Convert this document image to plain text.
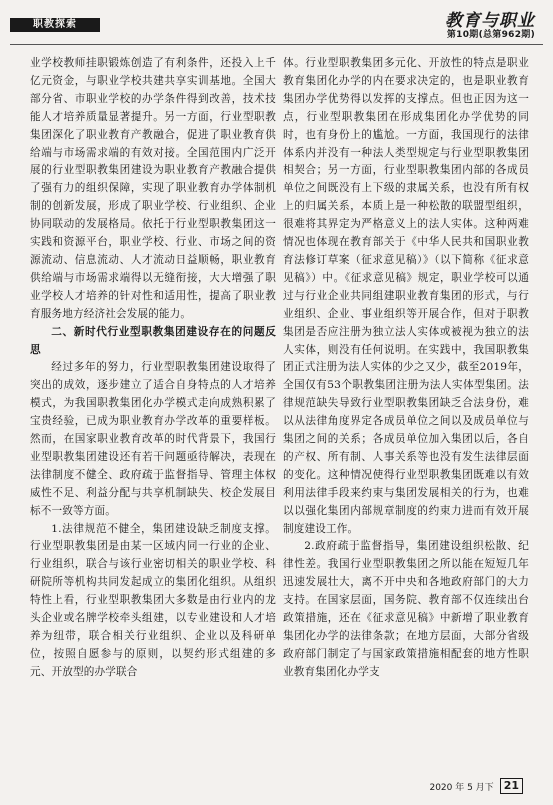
职教探索	教育与职业
第10期(总第962期)

业学校教师挂职锻炼创造了有利条件，还投入上千亿元资金，与职业学校共建共享实训基地。全国大部分省、市职业学校的办学条件得到改善，技术技能人才培养质量显著提升。另一方面，行业型职教集团深化了职业教育产教融合，促进了职业教育供给端与市场需求端的有效对接。全国范围内广泛开展的行业型职教集团建设为职业教育产教融合提供了强有力的组织保障，实现了职业教育办学体制机制的创新发展，形成了职业学校、行业组织、企业协同联动的发展格局。依托于行业型职教集团这一实践和资源平台，职业学校、行业、市场之间的资源流动、信息流动、人才流动日益顺畅，职业教育供给端与市场需求端得以无缝衔接，大大增强了职业学校人才培养的针对性和适用性，提高了职业教育服务地方经济社会发展的能力。

二、新时代行业型职教集团建设存在的问题反思

经过多年的努力，行业型职教集团建设取得了突出的成效，逐步建立了适合自身特点的人才培养模式，为我国职教集团化办学模式走向成熟积累了宝贵经验，已成为职业教育办学改革的重要样板。然而，在国家职业教育改革的时代背景下，我国行业型职教集团建设还有若干问题亟待解决，表现在法律制度不健全、政府疏于监督指导、管理主体权威性不足、利益分配与共享机制缺失、校企发展目标不一致等方面。

1.法律规范不健全，集团建设缺乏制度支撑。行业型职教集团是由某一区域内同一行业的企业、行业组织，联合与该行业密切相关的职业学校、科研院所等机构共同发起成立的集团化组织。从组织特性上看，行业型职教集团大多数是由行业内的龙头企业或名牌学校牵头组建，以专业建设和人才培养为纽带，联合相关行业组织、企业以及科研单位，按照自愿参与的原则，以契约形式组建的多元、开放型的办学联合

体。行业型职教集团多元化、开放性的特点是职业教育集团化办学的内在要求决定的，也是职业教育集团办学优势得以发挥的支撑点。但也正因为这一点，行业型职教集团在形成集团化办学优势的同时，也有身份上的尴尬。一方面，我国现行的法律体系内并没有一种法人类型规定与行业型职教集团相契合；另一方面，行业型职教集团内部的各成员单位之间既没有上下级的隶属关系，也没有所有权上的归属关系，本质上是一种松散的联盟型组织，很难将其界定为严格意义上的法人实体。这种两难情况也体现在教育部关于《中华人民共和国职业教育法修订草案（征求意见稿）》（以下简称《征求意见稿》）中。《征求意见稿》规定，职业学校可以通过与行业企业共同组建职业教育集团的形式，与行业组织、企业、事业组织等开展合作，但对于职教集团是否应注册为独立法人实体或被视为独立的法人实体，则没有任何说明。在实践中，我国职教集团正式注册为法人实体的少之又少，截至2019年，全国仅有53个职教集团注册为法人实体型集团。法律规范缺失导致行业型职教集团缺乏合法身份，难以从法律角度界定各成员单位之间以及成员单位与集团之间的关系；各成员单位加入集团以后，各自的产权、所有制、人事关系等也没有发生法律层面的变化。这种情况使得行业型职教集团既难以有效利用法律手段来约束与集团发展相关的行为，也难以以强化集团内部规章制度的约束力进而有效开展制度建设工作。

2.政府疏于监督指导，集团建设组织松散、纪律性差。我国行业型职教集团之所以能在短短几年迅速发展壮大，离不开中央和各地政府部门的大力支持。在国家层面，国务院、教育部不仅连续出台政策措施，还在《征求意见稿》中新增了职业教育集团化办学的法律条款；在地方层面，大部分省级政府部门制定了与国家政策措施相配套的地方性职业教育集团化办学支

2020 年 5 月下 21
